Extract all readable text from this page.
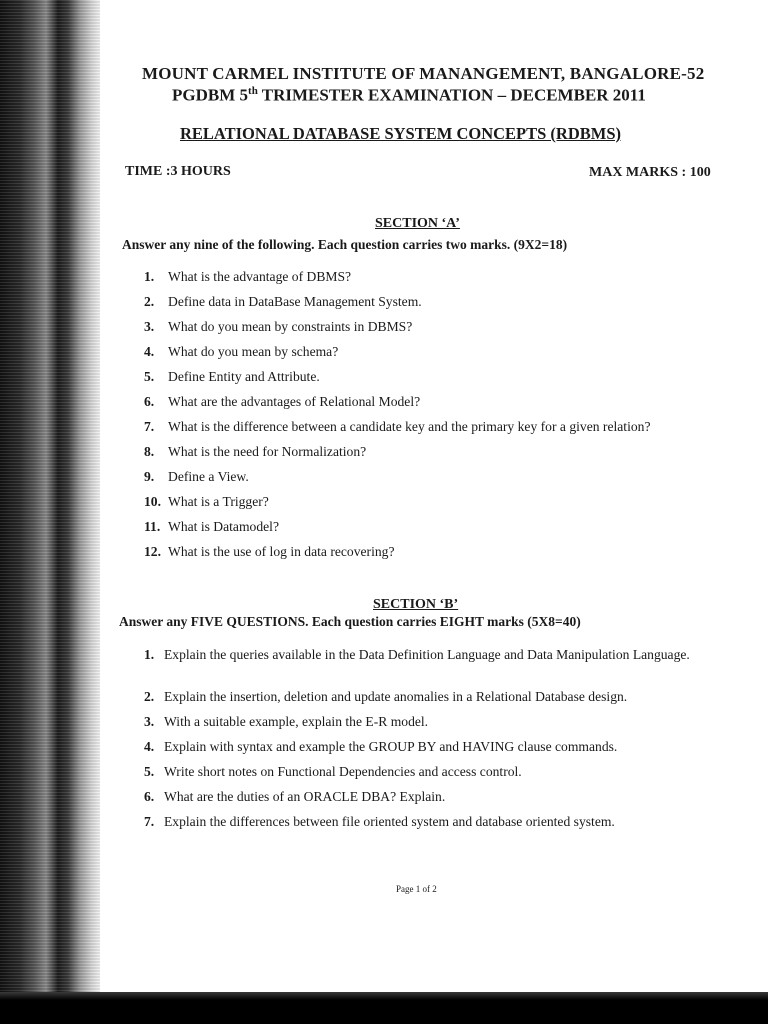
MOUNT CARMEL INSTITUTE OF MANANGEMENT, BANGALORE-52
PGDBM 5th TRIMESTER EXAMINATION – DECEMBER 2011
RELATIONAL DATABASE SYSTEM CONCEPTS (RDBMS)
TIME :3 HOURS	MAX MARKS : 100
SECTION ‘A’
Answer any nine of the following. Each question carries two marks. (9X2=18)
1. What is the advantage of DBMS?
2. Define data in DataBase Management System.
3. What do you mean by constraints in DBMS?
4. What do you mean by schema?
5. Define Entity and Attribute.
6. What are the advantages of Relational Model?
7. What is the difference between a candidate key and the primary key for a given relation?
8. What is the need for Normalization?
9. Define a View.
10. What is a Trigger?
11. What is Datamodel?
12. What is the use of log in data recovering?
SECTION ‘B’
Answer any FIVE QUESTIONS. Each question carries EIGHT marks (5X8=40)
1. Explain the queries available in the Data Definition Language and Data Manipulation Language.
2. Explain the insertion, deletion and update anomalies in a Relational Database design.
3. With a suitable example, explain the E-R model.
4. Explain with syntax and example the GROUP BY and HAVING clause commands.
5. Write short notes on Functional Dependencies and access control.
6. What are the duties of an ORACLE DBA? Explain.
7. Explain the differences between file oriented system and database oriented system.
Page 1 of 2
